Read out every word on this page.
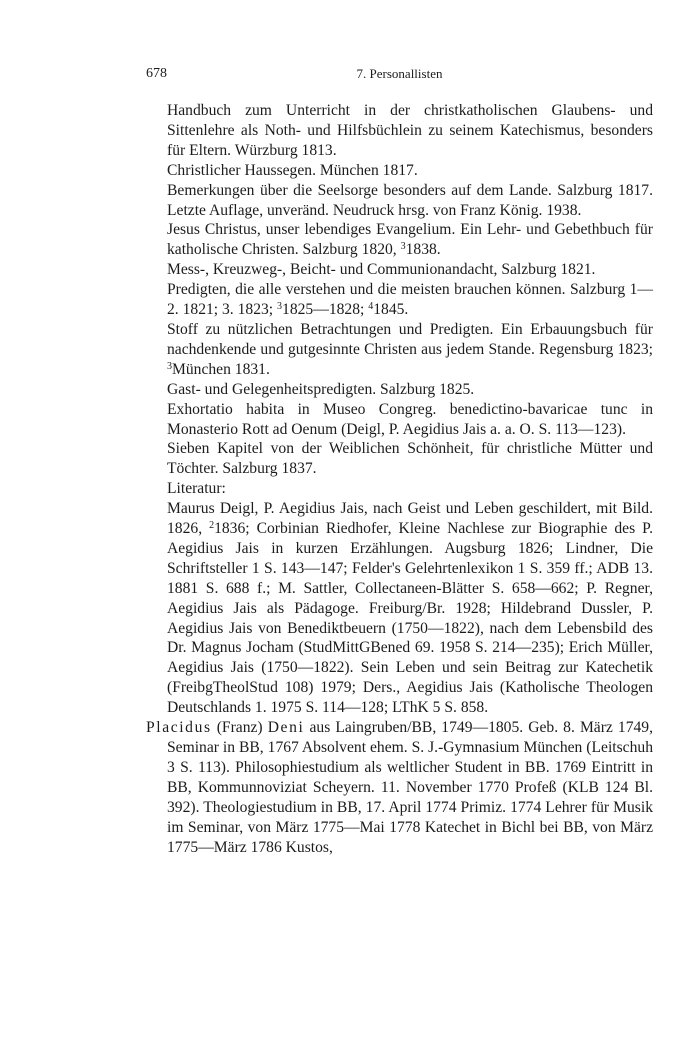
678	7. Personallisten
Handbuch zum Unterricht in der christkatholischen Glaubens- und Sittenlehre als Noth- und Hilfsbüchlein zu seinem Katechismus, besonders für Eltern. Würzburg 1813.
Christlicher Haussegen. München 1817.
Bemerkungen über die Seelsorge besonders auf dem Lande. Salzburg 1817. Letzte Auflage, unveränd. Neudruck hrsg. von Franz König. 1938.
Jesus Christus, unser lebendiges Evangelium. Ein Lehr- und Gebethbuch für katholische Christen. Salzburg 1820, $^3$1838.
Mess-, Kreuzweg-, Beicht- und Communionandacht, Salzburg 1821.
Predigten, die alle verstehen und die meisten brauchen können. Salzburg 1—2. 1821; 3. 1823; $^3$1825—1828; $^4$1845.
Stoff zu nützlichen Betrachtungen und Predigten. Ein Erbauungsbuch für nachdenkende und gutgesinnte Christen aus jedem Stande. Regensburg 1823; $^3$München 1831.
Gast- und Gelegenheitspredigten. Salzburg 1825.
Exhortatio habita in Museo Congreg. benedictino-bavaricae tunc in Monasterio Rott ad Oenum (Deigl, P. Aegidius Jais a. a. O. S. 113—123).
Sieben Kapitel von der Weiblichen Schönheit, für christliche Mütter und Töchter. Salzburg 1837.
Literatur:
Maurus Deigl, P. Aegidius Jais, nach Geist und Leben geschildert, mit Bild. 1826, $^2$1836; Corbinian Riedhofer, Kleine Nachlese zur Biographie des P. Aegidius Jais in kurzen Erzählungen. Augsburg 1826; Lindner, Die Schriftsteller 1 S. 143—147; Felder's Gelehrtenlexikon 1 S. 359 ff.; ADB 13. 1881 S. 688 f.; M. Sattler, Collectaneen-Blätter S. 658—662; P. Regner, Aegidius Jais als Pädagoge. Freiburg/Br. 1928; Hildebrand Dussler, P. Aegidius Jais von Benediktbeuern (1750—1822), nach dem Lebensbild des Dr. Magnus Jocham (StudMittGBened 69. 1958 S. 214—235); Erich Müller, Aegidius Jais (1750—1822). Sein Leben und sein Beitrag zur Katechetik (FreibgTheolStud 108) 1979; Ders., Aegidius Jais (Katholische Theologen Deutschlands 1. 1975 S. 114—128; LThK 5 S. 858.
Placidus (Franz) Deni aus Laingruben/BB, 1749—1805. Geb. 8. März 1749, Seminar in BB, 1767 Absolvent ehem. S. J.-Gymnasium München (Leitschuh 3 S. 113). Philosophiestudium als weltlicher Student in BB. 1769 Eintritt in BB, Kommunnoviziat Scheyern. 11. November 1770 Profeß (KLB 124 Bl. 392). Theologiestudium in BB, 17. April 1774 Primiz. 1774 Lehrer für Musik im Seminar, von März 1775—Mai 1778 Katechet in Bichl bei BB, von März 1775—März 1786 Kustos,
